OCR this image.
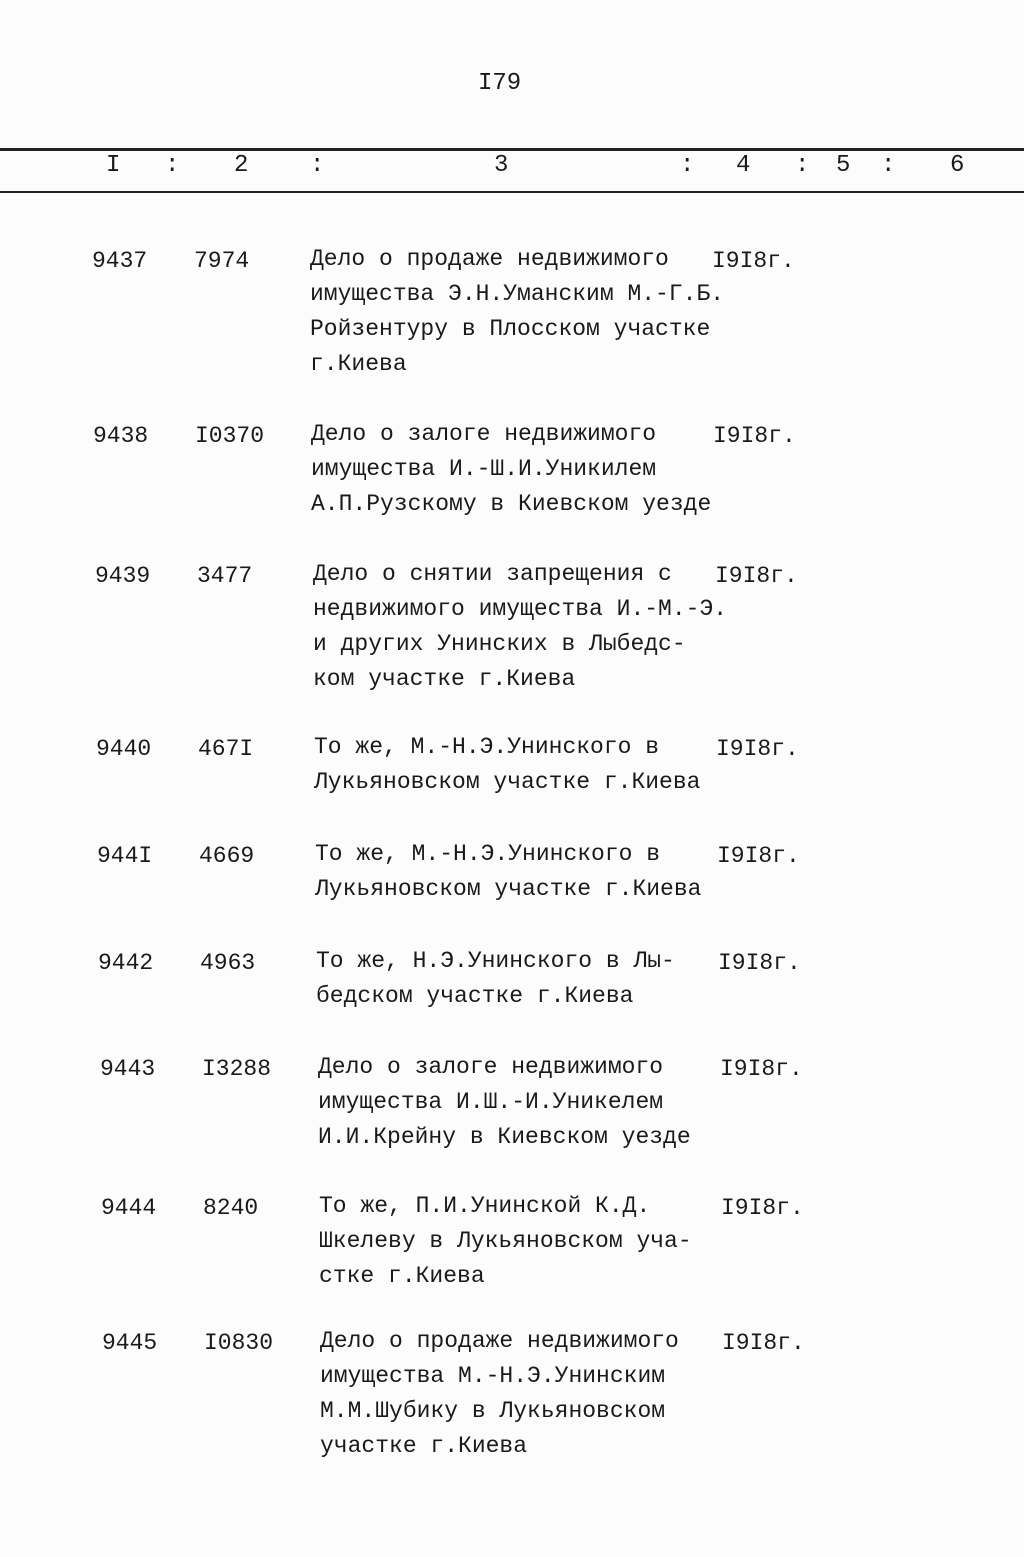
I79
I : 2	:	3	: 4 : 5 : 6
9437 7974	Дело о продаже недвижимого
имущества Э.Н.Уманским М.-Г.Б.
Ройзентуру в Плосском участке
г.Киева
I9I8г.
9438 I0370 Дело о залоге недвижимого
имущества И.-Ш.И.Уникилем
А.П.Рузскому в Киевском уезде
I9I8г.
9439 3477	Дело о снятии запрещения с
недвижимого имущества И.-М.-Э.
и других Унинских в Лыбедс-
ком участке г.Киева
I9I8г.
9440 467I	То же, М.-Н.Э.Унинского в
Лукьяновском участке г.Киева
I9I8г.
944I 4669	То же, М.-Н.Э.Унинского в
Лукьяновском участке г.Киева
I9I8г.
9442 4963	То же, Н.Э.Унинского в Лы-
бедском участке г.Киева
I9I8г.
9443 I3288 Дело о залоге недвижимого
имущества И.Ш.-И.Уникелем
И.И.Крейну в Киевском уезде
I9I8г.
9444 8240	То же, П.И.Унинской К.Д.
Шкелеву в Лукьяновском уча-
стке г.Киева
I9I8г.
9445 I0830 Дело о продаже недвижимого
имущества М.-Н.Э.Унинским
М.М.Шубику в Лукьяновском
участке г.Киева
I9I8г.
